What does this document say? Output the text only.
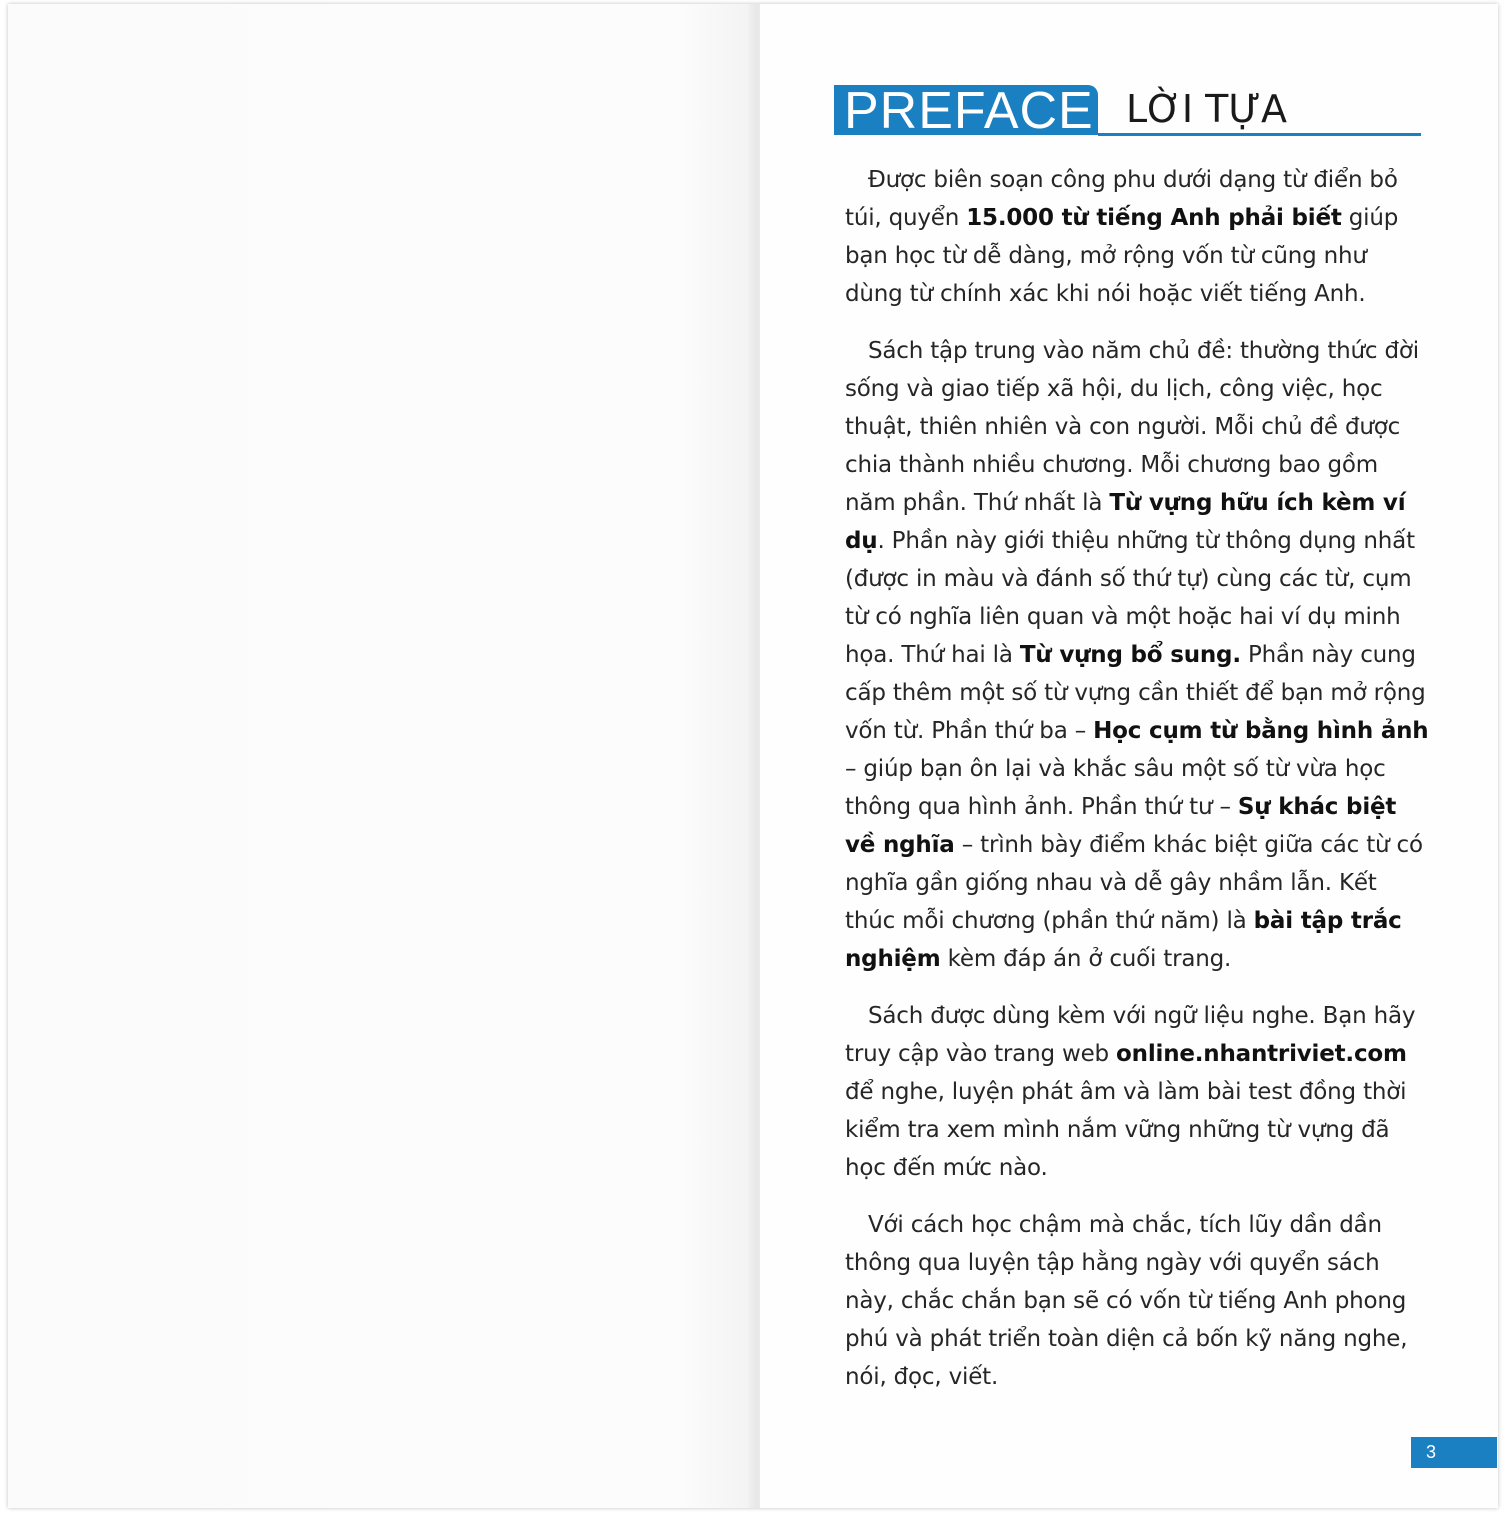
PREFACE LỜI TỰA

Được biên soạn công phu dưới dạng từ điển bỏ túi, quyển 15.000 từ tiếng Anh phải biết giúp bạn học từ dễ dàng, mở rộng vốn từ cũng như dùng từ chính xác khi nói hoặc viết tiếng Anh.

Sách tập trung vào năm chủ đề: thường thức đời sống và giao tiếp xã hội, du lịch, công việc, học thuật, thiên nhiên và con người. Mỗi chủ đề được chia thành nhiều chương. Mỗi chương bao gồm năm phần. Thứ nhất là Từ vựng hữu ích kèm ví dụ. Phần này giới thiệu những từ thông dụng nhất (được in màu và đánh số thứ tự) cùng các từ, cụm từ có nghĩa liên quan và một hoặc hai ví dụ minh họa. Thứ hai là Từ vựng bổ sung. Phần này cung cấp thêm một số từ vựng cần thiết để bạn mở rộng vốn từ. Phần thứ ba – Học cụm từ bằng hình ảnh – giúp bạn ôn lại và khắc sâu một số từ vừa học thông qua hình ảnh. Phần thứ tư – Sự khác biệt về nghĩa – trình bày điểm khác biệt giữa các từ có nghĩa gần giống nhau và dễ gây nhầm lẫn. Kết thúc mỗi chương (phần thứ năm) là bài tập trắc nghiệm kèm đáp án ở cuối trang.

Sách được dùng kèm với ngữ liệu nghe. Bạn hãy truy cập vào trang web online.nhantriviet.com để nghe, luyện phát âm và làm bài test đồng thời kiểm tra xem mình nắm vững những từ vựng đã học đến mức nào.

Với cách học chậm mà chắc, tích lũy dần dần thông qua luyện tập hằng ngày với quyển sách này, chắc chắn bạn sẽ có vốn từ tiếng Anh phong phú và phát triển toàn diện cả bốn kỹ năng nghe, nói, đọc, viết.

3
